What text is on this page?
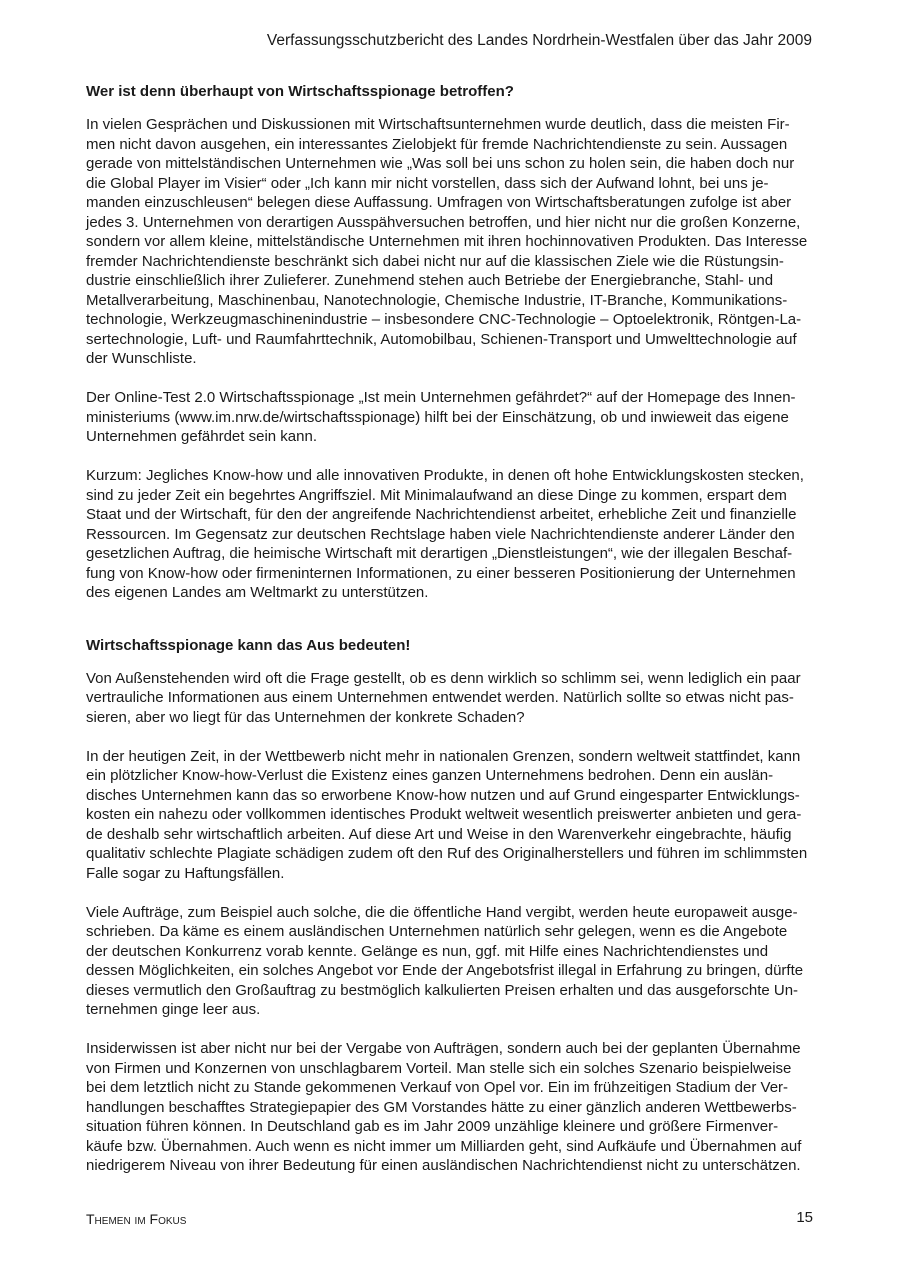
Verfassungsschutzbericht des Landes Nordrhein-Westfalen über das Jahr 2009
Wer ist denn überhaupt von Wirtschaftsspionage betroffen?

In vielen Gesprächen und Diskussionen mit Wirtschaftsunternehmen wurde deutlich, dass die meisten Fir-
men nicht davon ausgehen, ein interessantes Zielobjekt für fremde Nachrichtendienste zu sein. Aussagen
gerade von mittelständischen Unternehmen wie „Was soll bei uns schon zu holen sein, die haben doch nur
die Global Player im Visier“ oder „Ich kann mir nicht vorstellen, dass sich der Aufwand lohnt, bei uns je-
manden einzuschleusen“ belegen diese Auffassung. Umfragen von Wirtschaftsberatungen zufolge ist aber
jedes 3. Unternehmen von derartigen Ausspähversuchen betroffen, und hier nicht nur die großen Konzerne,
sondern vor allem kleine, mittelständische Unternehmen mit ihren hochinnovativen Produkten. Das Interesse
fremder Nachrichtendienste beschränkt sich dabei nicht nur auf die klassischen Ziele wie die Rüstungsin-
dustrie einschließlich ihrer Zulieferer. Zunehmend stehen auch Betriebe der Energiebranche, Stahl- und
Metallverarbeitung, Maschinenbau, Nanotechnologie, Chemische Industrie, IT-Branche, Kommunikations-
technologie, Werkzeugmaschinenindustrie – insbesondere CNC-Technologie – Optoelektronik, Röntgen-La-
sertechnologie, Luft- und Raumfahrttechnik, Automobilbau, Schienen-Transport und Umwelttechnologie auf
der Wunschliste.

Der Online-Test 2.0 Wirtschaftsspionage „Ist mein Unternehmen gefährdet?“ auf der Homepage des Innen-
ministeriums (www.im.nrw.de/wirtschaftsspionage) hilft bei der Einschätzung, ob und inwieweit das eigene
Unternehmen gefährdet sein kann.

Kurzum: Jegliches Know-how und alle innovativen Produkte, in denen oft hohe Entwicklungskosten stecken,
sind zu jeder Zeit ein begehrtes Angriffsziel. Mit Minimalaufwand an diese Dinge zu kommen, erspart dem
Staat und der Wirtschaft, für den der angreifende Nachrichtendienst arbeitet, erhebliche Zeit und finanzielle
Ressourcen. Im Gegensatz zur deutschen Rechtslage haben viele Nachrichtendienste anderer Länder den
gesetzlichen Auftrag, die heimische Wirtschaft mit derartigen „Dienstleistungen“, wie der illegalen Beschaf-
fung von Know-how oder firmeninternen Informationen, zu einer besseren Positionierung der Unternehmen
des eigenen Landes am Weltmarkt zu unterstützen.

Wirtschaftsspionage kann das Aus bedeuten!

Von Außenstehenden wird oft die Frage gestellt, ob es denn wirklich so schlimm sei, wenn lediglich ein paar
vertrauliche Informationen aus einem Unternehmen entwendet werden. Natürlich sollte so etwas nicht pas-
sieren, aber wo liegt für das Unternehmen der konkrete Schaden?

In der heutigen Zeit, in der Wettbewerb nicht mehr in nationalen Grenzen, sondern weltweit stattfindet, kann
ein plötzlicher Know-how-Verlust die Existenz eines ganzen Unternehmens bedrohen. Denn ein auslän-
disches Unternehmen kann das so erworbene Know-how nutzen und auf Grund eingesparter Entwicklungs-
kosten ein nahezu oder vollkommen identisches Produkt weltweit wesentlich preiswerter anbieten und gera-
de deshalb sehr wirtschaftlich arbeiten. Auf diese Art und Weise in den Warenverkehr eingebrachte, häufig
qualitativ schlechte Plagiate schädigen zudem oft den Ruf des Originalherstellers und führen im schlimmsten
Falle sogar zu Haftungsfällen.

Viele Aufträge, zum Beispiel auch solche, die die öffentliche Hand vergibt, werden heute europaweit ausge-
schrieben. Da käme es einem ausländischen Unternehmen natürlich sehr gelegen, wenn es die Angebote
der deutschen Konkurrenz vorab kennte. Gelänge es nun, ggf. mit Hilfe eines Nachrichtendienstes und
dessen Möglichkeiten, ein solches Angebot vor Ende der Angebotsfrist illegal in Erfahrung zu bringen, dürfte
dieses vermutlich den Großauftrag zu bestmöglich kalkulierten Preisen erhalten und das ausgeforschte Un-
ternehmen ginge leer aus.

Insiderwissen ist aber nicht nur bei der Vergabe von Aufträgen, sondern auch bei der geplanten Übernahme
von Firmen und Konzernen von unschlagbarem Vorteil. Man stelle sich ein solches Szenario beispielweise
bei dem letztlich nicht zu Stande gekommenen Verkauf von Opel vor. Ein im frühzeitigen Stadium der Ver-
handlungen beschafftes Strategiepapier des GM Vorstandes hätte zu einer gänzlich anderen Wettbewerbs-
situation führen können. In Deutschland gab es im Jahr 2009 unzählige kleinere und größere Firmenver-
käufe bzw. Übernahmen. Auch wenn es nicht immer um Milliarden geht, sind Aufkäufe und Übernahmen auf
niedrigerem Niveau von ihrer Bedeutung für einen ausländischen Nachrichtendienst nicht zu unterschätzen.

Themen im Fokus	15
